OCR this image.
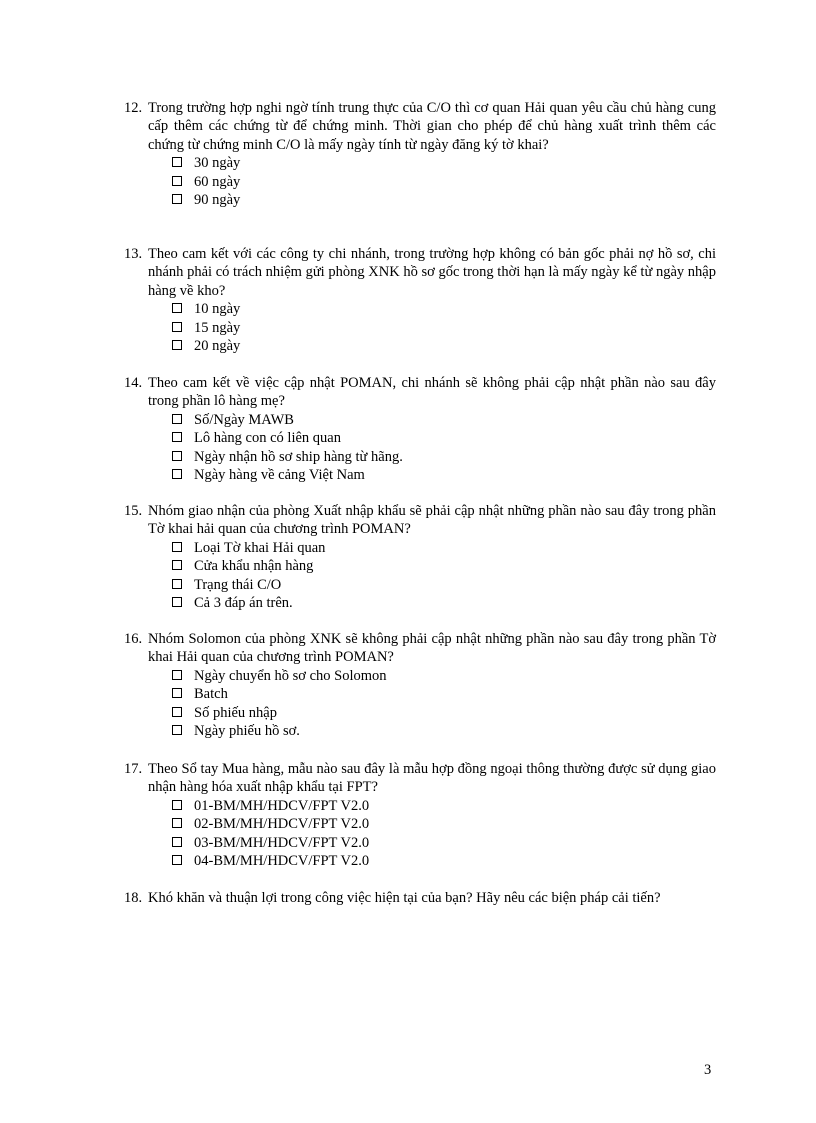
12. Trong trường hợp nghi ngờ tính trung thực của C/O thì cơ quan Hải quan yêu cầu chủ hàng cung cấp thêm các chứng từ để chứng minh. Thời gian cho phép để chủ hàng xuất trình thêm các chứng từ chứng minh C/O là mấy ngày tính từ ngày đăng ký tờ khai?
30 ngày
60 ngày
90 ngày
13. Theo cam kết với các công ty chi nhánh, trong trường hợp không có bản gốc phải nợ hồ sơ, chi nhánh phải có trách nhiệm gửi phòng XNK hồ sơ gốc trong thời hạn là mấy ngày kể từ ngày nhập hàng về kho?
10 ngày
15 ngày
20 ngày
14. Theo cam kết về việc cập nhật POMAN, chi nhánh sẽ không phải cập nhật phần nào sau đây trong phần lô hàng mẹ?
Số/Ngày MAWB
Lô hàng con có liên quan
Ngày nhận hồ sơ ship hàng từ hãng.
Ngày hàng về cảng Việt Nam
15. Nhóm giao nhận của phòng Xuất nhập khẩu sẽ phải cập nhật những phần nào sau đây trong phần Tờ khai hải quan của chương trình POMAN?
Loại Tờ khai Hải quan
Cửa khẩu nhận hàng
Trạng thái C/O
Cả 3 đáp án trên.
16. Nhóm Solomon của phòng XNK sẽ không phải cập nhật những phần nào sau đây trong phần Tờ khai Hải quan của chương trình POMAN?
Ngày chuyển hồ sơ cho Solomon
Batch
Số phiếu nhập
Ngày phiếu hồ sơ.
17. Theo Sổ tay Mua hàng, mẫu nào sau đây là mẫu hợp đồng ngoại thông thường được sử dụng giao nhận hàng hóa xuất nhập khẩu tại FPT?
01-BM/MH/HDCV/FPT V2.0
02-BM/MH/HDCV/FPT V2.0
03-BM/MH/HDCV/FPT V2.0
04-BM/MH/HDCV/FPT V2.0
18. Khó khăn và thuận lợi trong công việc hiện tại của bạn? Hãy nêu các biện pháp cải tiến?
3
